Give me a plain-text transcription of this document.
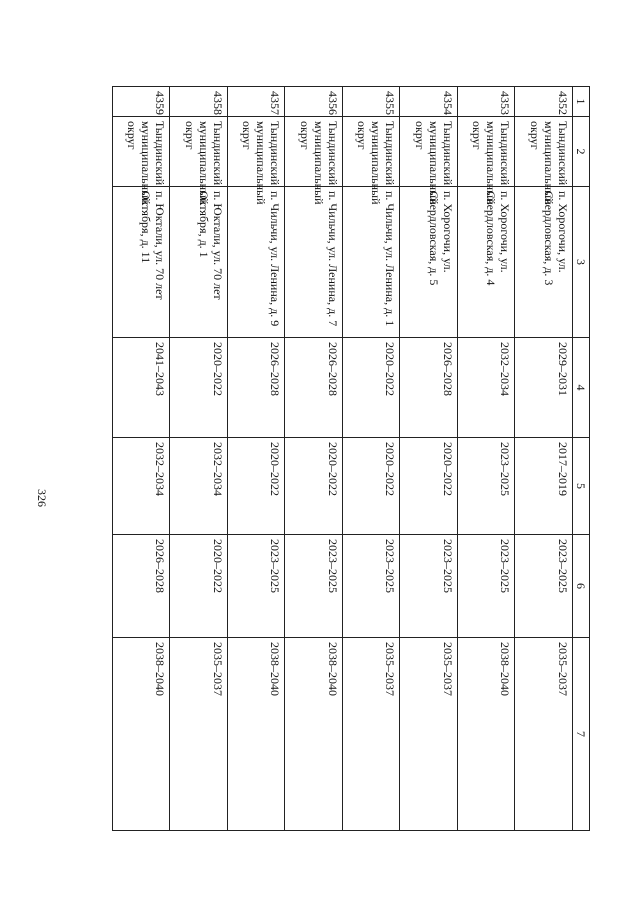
326
1	2	3	4	5	6	7
4352	Тындинский муниципальный округ	п. Хорогочи, ул. Свердловская, д. 3	2029–2031	2017–2019	2023–2025	2035–2037
4353	Тындинский муниципальный округ	п. Хорогочи, ул. Свердловская, д. 4	2032–2034	2023–2025	2023–2025	2038–2040
4354	Тындинский муниципальный округ	п. Хорогочи, ул. Свердловская, д. 5	2026–2028	2020–2022	2023–2025	2035–2037
4355	Тындинский муниципальный округ	п. Чильчи, ул. Ленина, д. 1	2020–2022	2020–2022	2023–2025	2035–2037
4356	Тындинский муниципальный округ	п. Чильчи, ул. Ленина, д. 7	2026–2028	2020–2022	2023–2025	2038–2040
4357	Тындинский муниципальный округ	п. Чильчи, ул. Ленина, д. 9	2026–2028	2020–2022	2023–2025	2038–2040
4358	Тындинский муниципальный округ	п. Юктали, ул. 70 лет Октября, д. 1	2020–2022	2032–2034	2020–2022	2035–2037
4359	Тындинский муниципальный округ	п. Юктали, ул. 70 лет Октября, д. 11	2041–2043	2032–2034	2026–2028	2038–2040
